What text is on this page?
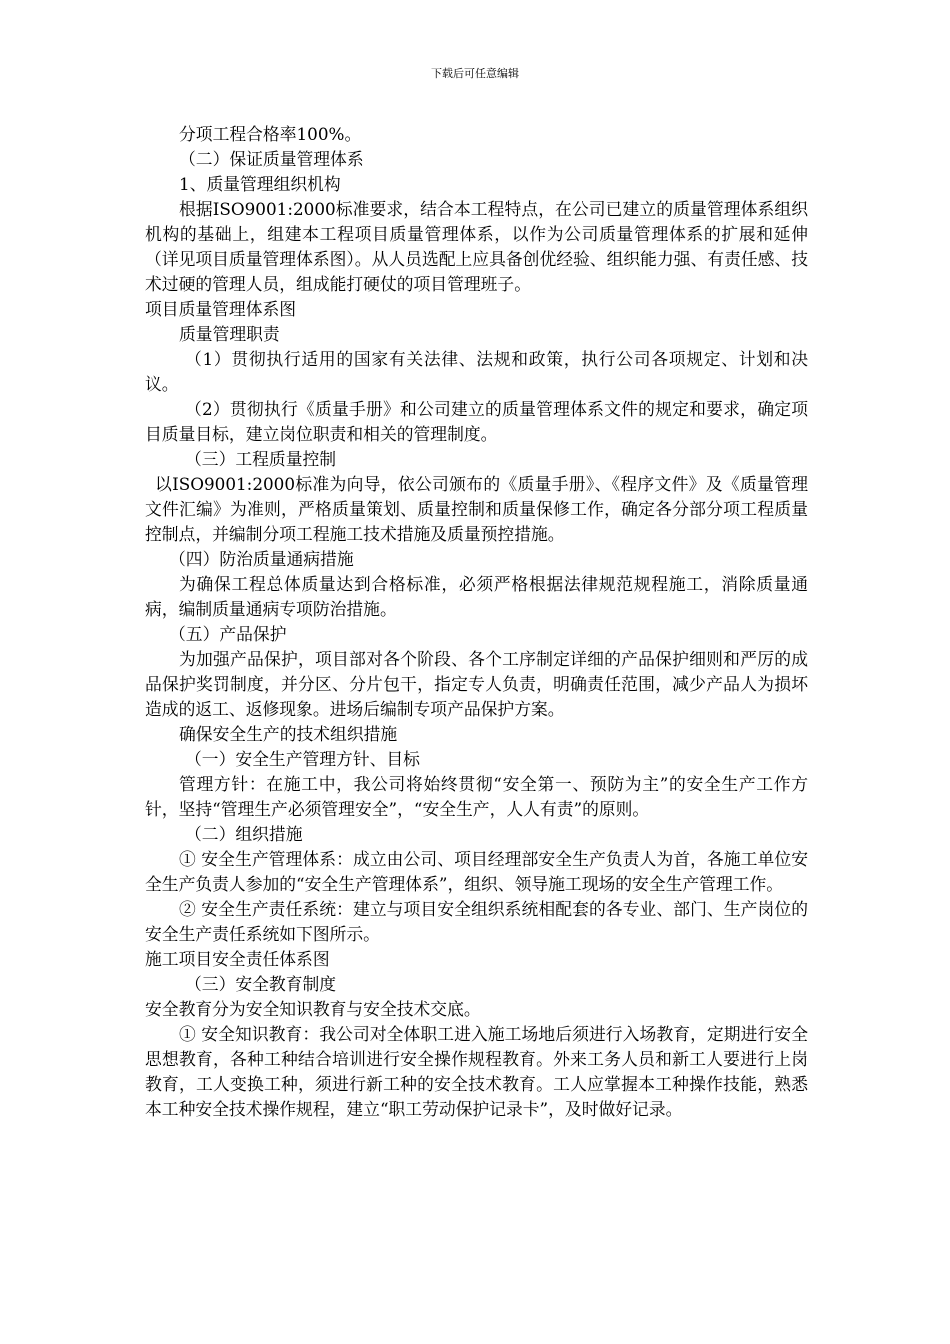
下载后可任意编辑

分项工程合格率100%。

（二）保证质量管理体系

1、质量管理组织机构

根据ISO9001:2000标准要求，结合本工程特点，在公司已建立的质量管理体系组织机构的基础上，组建本工程项目质量管理体系，以作为公司质量管理体系的扩展和延伸（详见项目质量管理体系图）。从人员选配上应具备创优经验、组织能力强、有责任感、技术过硬的管理人员，组成能打硬仗的项目管理班子。

项目质量管理体系图

质量管理职责

（1）贯彻执行适用的国家有关法律、法规和政策，执行公司各项规定、计划和决议。

（2）贯彻执行《质量手册》和公司建立的质量管理体系文件的规定和要求，确定项目质量目标，建立岗位职责和相关的管理制度。

（三）工程质量控制

以ISO9001:2000标准为向导，依公司颁布的《质量手册》、《程序文件》及《质量管理文件汇编》为准则，严格质量策划、质量控制和质量保修工作，确定各分部分项工程质量控制点，并编制分项工程施工技术措施及质量预控措施。

（四）防治质量通病措施

为确保工程总体质量达到合格标准，必须严格根据法律规范规程施工，消除质量通病，编制质量通病专项防治措施。

（五）产品保护

为加强产品保护，项目部对各个阶段、各个工序制定详细的产品保护细则和严厉的成品保护奖罚制度，并分区、分片包干，指定专人负责，明确责任范围，减少产品人为损坏造成的返工、返修现象。进场后编制专项产品保护方案。

确保安全生产的技术组织措施

（一）安全生产管理方针、目标

管理方针：在施工中，我公司将始终贯彻“安全第一、预防为主”的安全生产工作方针，坚持“管理生产必须管理安全”，“安全生产，人人有责”的原则。

（二）组织措施

① 安全生产管理体系：成立由公司、项目经理部安全生产负责人为首，各施工单位安全生产负责人参加的“安全生产管理体系”，组织、领导施工现场的安全生产管理工作。

② 安全生产责任系统：建立与项目安全组织系统相配套的各专业、部门、生产岗位的安全生产责任系统如下图所示。

施工项目安全责任体系图

（三）安全教育制度

安全教育分为安全知识教育与安全技术交底。

① 安全知识教育：我公司对全体职工进入施工场地后须进行入场教育，定期进行安全思想教育，各种工种结合培训进行安全操作规程教育。外来工务人员和新工人要进行上岗教育，工人变换工种，须进行新工种的安全技术教育。工人应掌握本工种操作技能，熟悉本工种安全技术操作规程，建立“职工劳动保护记录卡”，及时做好记录。
